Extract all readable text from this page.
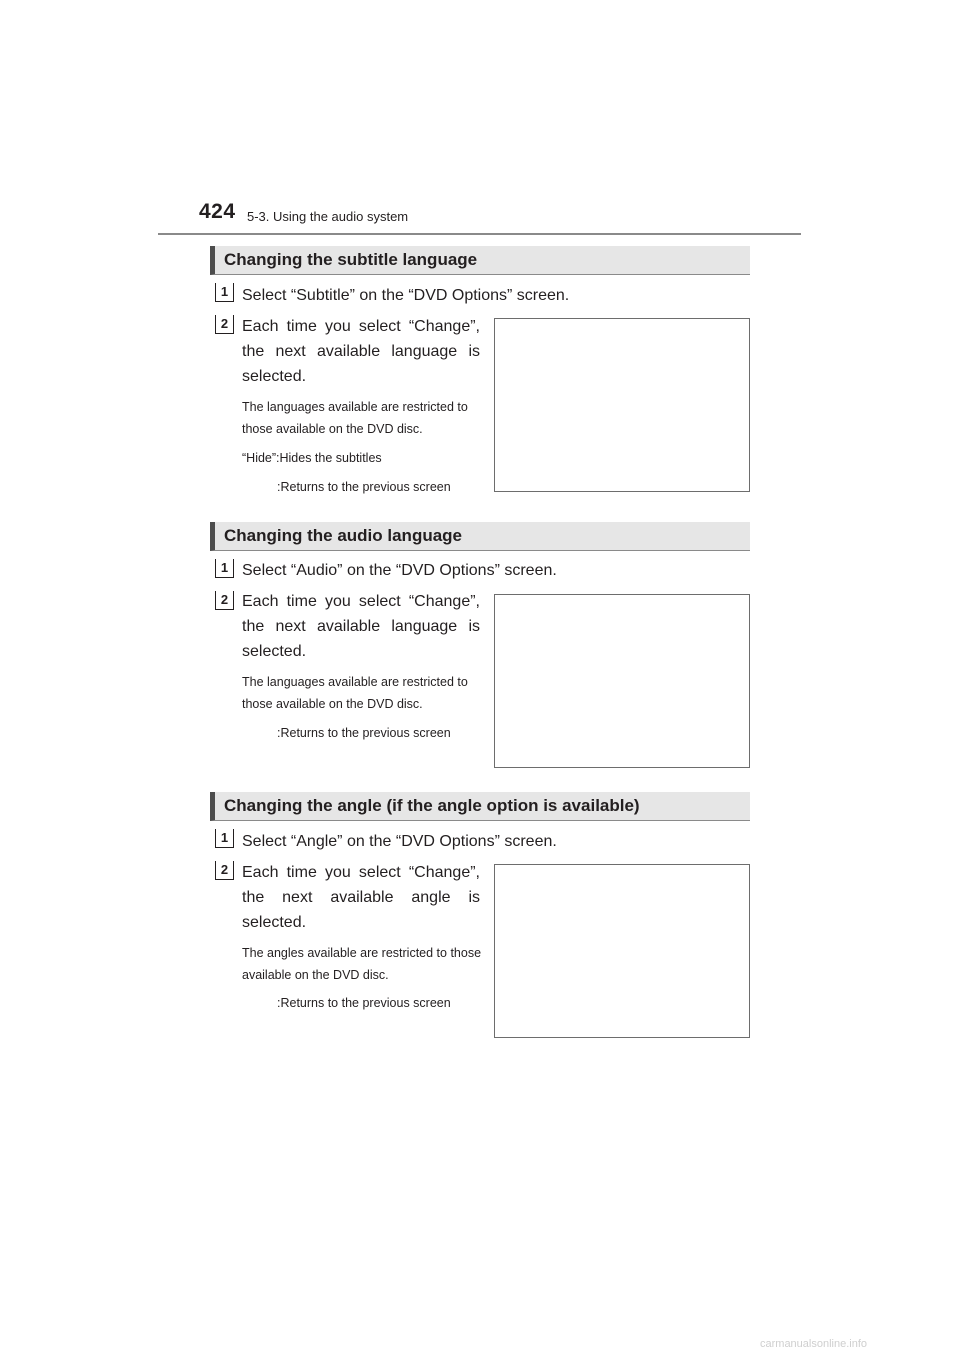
424 5-3. Using the audio system
Changing the subtitle language
1 Select “Subtitle” on the “DVD Options” screen.
2 Each time you select “Change”,
the next available language is
selected.
The languages available are restricted to those available on the DVD disc.
“Hide”:Hides the subtitles
:Returns to the previous screen
Changing the audio language
1 Select “Audio” on the “DVD Options” screen.
2 Each time you select “Change”,
the next available language is
selected.
The languages available are restricted to those available on the DVD disc.
:Returns to the previous screen
Changing the angle (if the angle option is available)
1 Select “Angle” on the “DVD Options” screen.
2 Each time you select “Change”,
the next available angle is
selected.
The angles available are restricted to those available on the DVD disc.
:Returns to the previous screen
carmanualsonline.info
